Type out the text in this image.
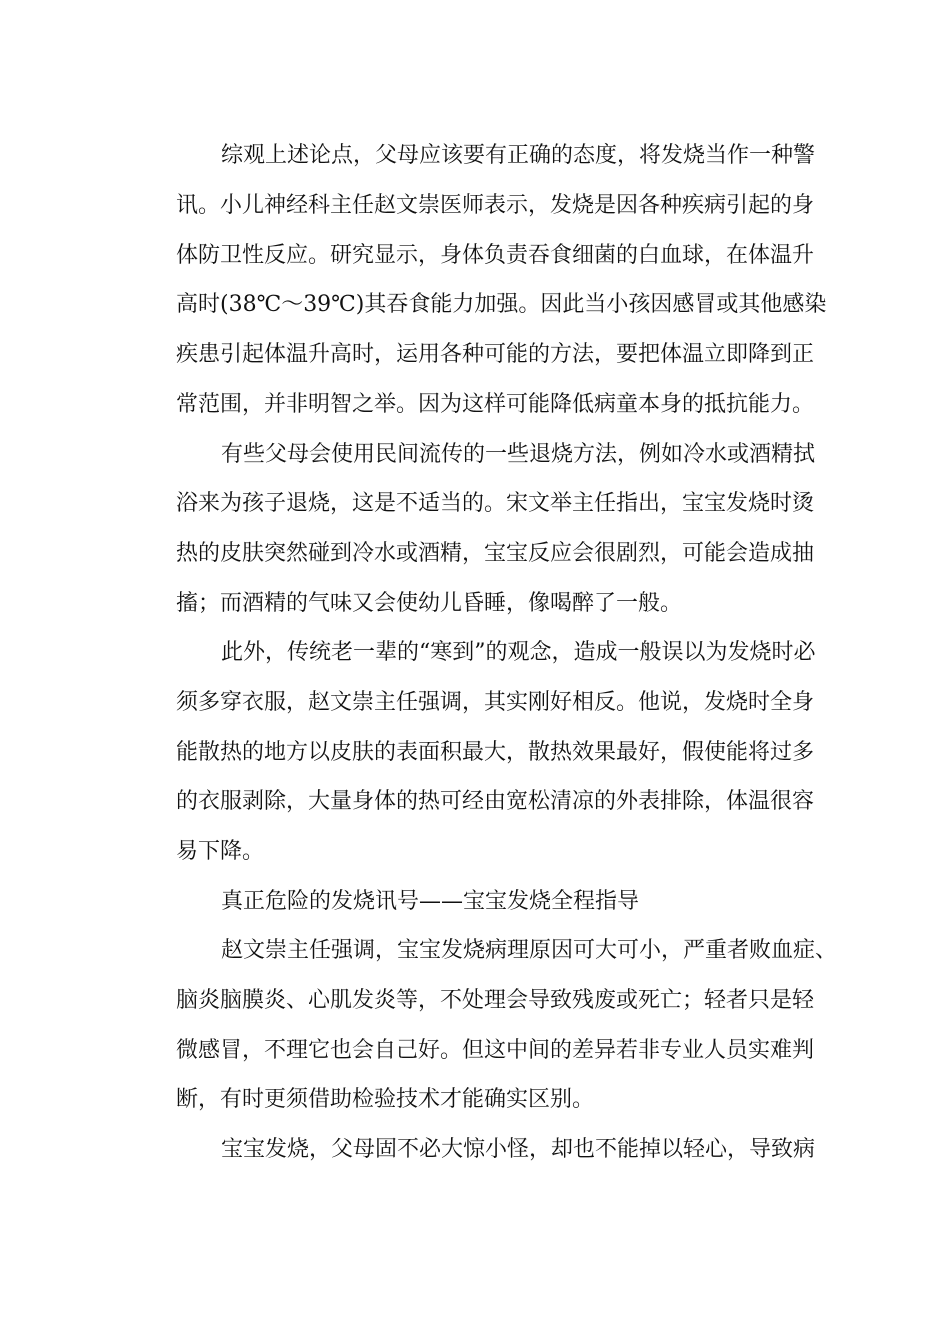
综观上述论点，父母应该要有正确的态度，将发烧当作一种警
讯。小儿神经科主任赵文崇医师表示，发烧是因各种疾病引起的身
体防卫性反应。研究显示，身体负责吞食细菌的白血球，在体温升
高时(38℃～39℃)其吞食能力加强。因此当小孩因感冒或其他感染
疾患引起体温升高时，运用各种可能的方法，要把体温立即降到正
常范围，并非明智之举。因为这样可能降低病童本身的抵抗能力。
有些父母会使用民间流传的一些退烧方法，例如冷水或酒精拭
浴来为孩子退烧，这是不适当的。宋文举主任指出，宝宝发烧时烫
热的皮肤突然碰到冷水或酒精，宝宝反应会很剧烈，可能会造成抽
搐；而酒精的气味又会使幼儿昏睡，像喝醉了一般。
此外，传统老一辈的“寒到”的观念，造成一般误以为发烧时必
须多穿衣服，赵文崇主任强调，其实刚好相反。他说，发烧时全身
能散热的地方以皮肤的表面积最大，散热效果最好，假使能将过多
的衣服剥除，大量身体的热可经由宽松清凉的外表排除，体温很容
易下降。
真正危险的发烧讯号——宝宝发烧全程指导
赵文崇主任强调，宝宝发烧病理原因可大可小，严重者败血症、
脑炎脑膜炎、心肌发炎等，不处理会导致残废或死亡；轻者只是轻
微感冒，不理它也会自己好。但这中间的差异若非专业人员实难判
断，有时更须借助检验技术才能确实区别。
宝宝发烧，父母固不必大惊小怪，却也不能掉以轻心，导致病
